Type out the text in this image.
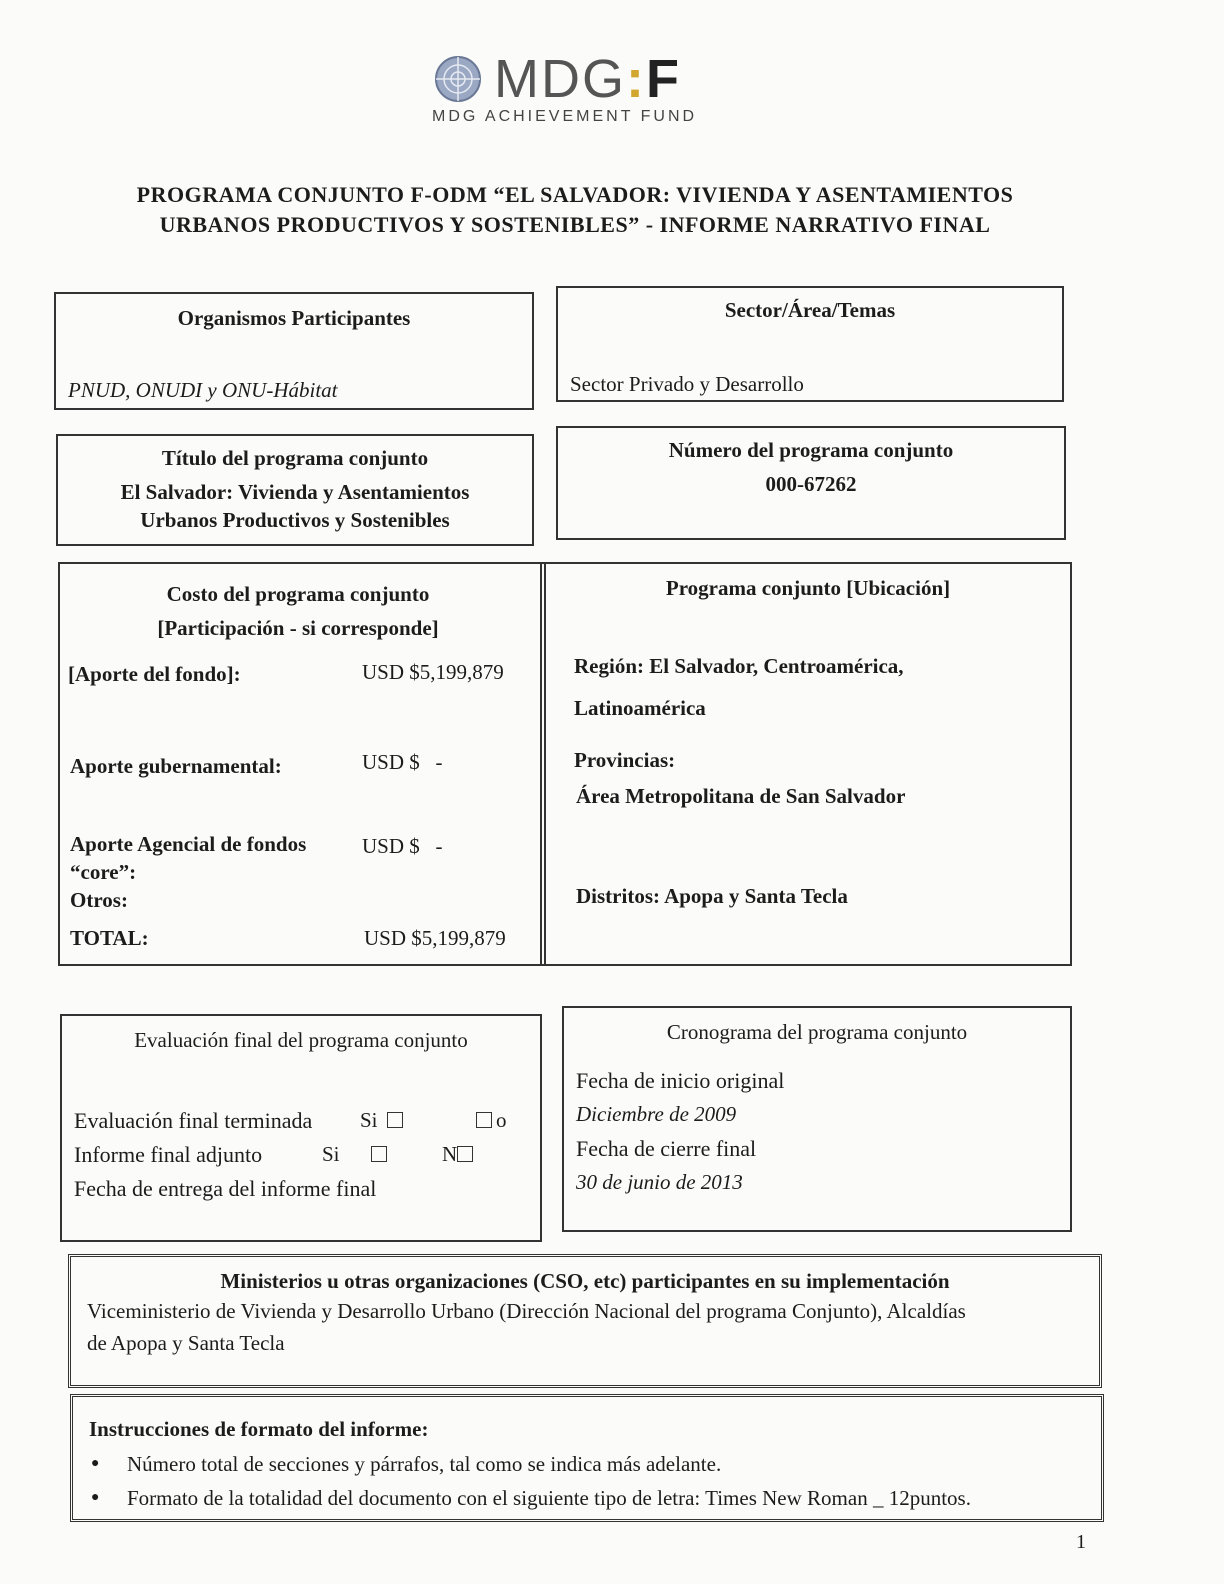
MDG:F
MDG ACHIEVEMENT FUND
PROGRAMA CONJUNTO F-ODM “EL SALVADOR: VIVIENDA Y ASENTAMIENTOS
URBANOS PRODUCTIVOS Y SOSTENIBLES” - INFORME NARRATIVO FINAL
Organismos Participantes
PNUD, ONUDI y ONU-Hábitat
Sector/Área/Temas
Sector Privado y Desarrollo
Título del programa conjunto
El Salvador: Vivienda y Asentamientos
Urbanos Productivos y Sostenibles
Número del programa conjunto
000-67262
Costo del programa conjunto
[Participación - si corresponde]
[Aporte del fondo]:	USD $5,199,879
Aporte gubernamental:	USD $   -
Aporte Agencial de fondos
“core”:
USD $   -
Otros:
TOTAL:	USD $5,199,879
Programa conjunto [Ubicación]
Región: El Salvador, Centroamérica,
Latinoamérica
Provincias:
Área Metropolitana de San Salvador
Distritos: Apopa y Santa Tecla
Evaluación final del programa conjunto
Evaluación final terminada Si	o
Informe final adjunto	Si	N
Fecha de entrega del informe final
Cronograma del programa conjunto
Fecha de inicio original
Diciembre de 2009
Fecha de cierre final
30 de junio de 2013
Ministerios u otras organizaciones (CSO, etc) participantes en su implementación
Viceministerio de Vivienda y Desarrollo Urbano (Dirección Nacional del programa Conjunto), Alcaldías
de Apopa y Santa Tecla
Instrucciones de formato del informe:
● Número total de secciones y párrafos, tal como se indica más adelante.
● Formato de la totalidad del documento con el siguiente tipo de letra: Times New Roman _ 12puntos.
1
